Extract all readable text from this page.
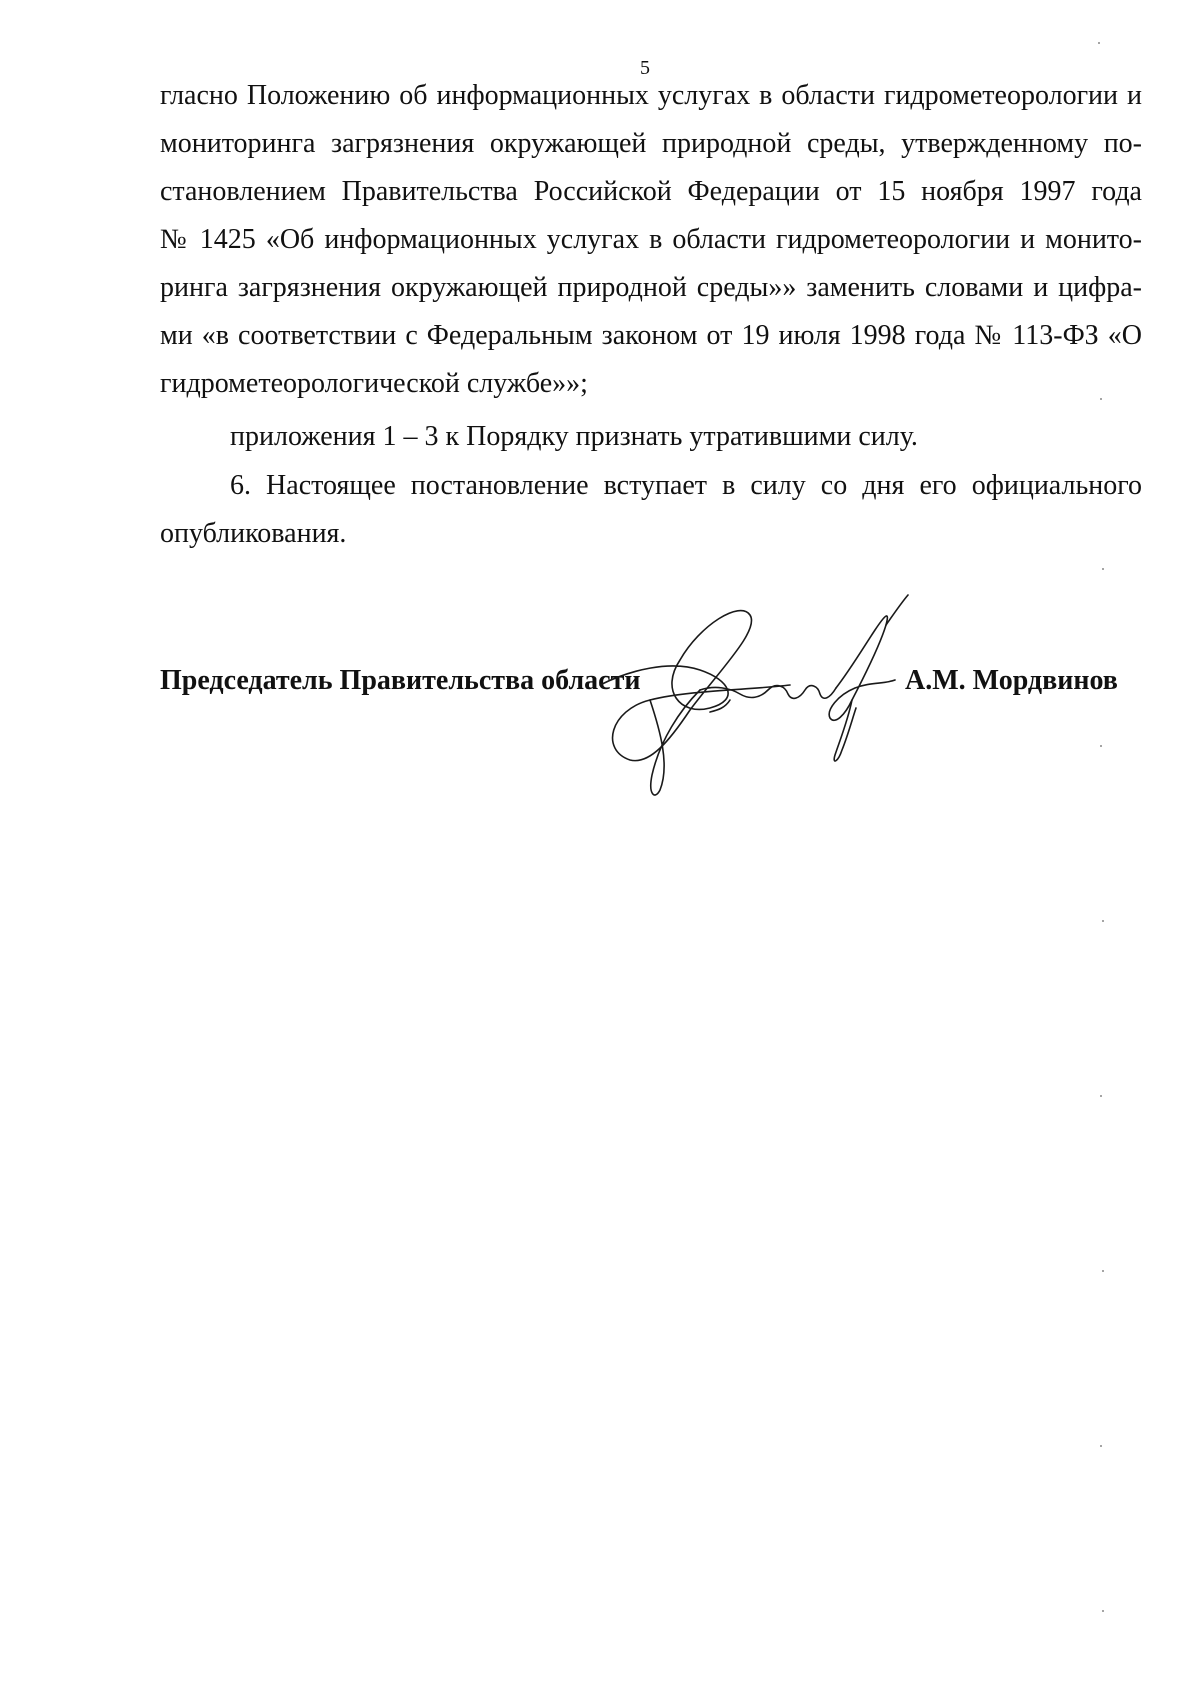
5
гласно Положению об информационных услугах в области гидрометеорологии и
мониторинга загрязнения окружающей природной среды, утвержденному по-
становлением Правительства Российской Федерации от 15 ноября 1997 года
№ 1425 «Об информационных услугах в области гидрометеорологии и монито-
ринга загрязнения окружающей природной среды»» заменить словами и цифра-
ми «в соответствии с Федеральным законом от 19 июля 1998 года № 113-ФЗ «О
гидрометеорологической службе»»;
приложения 1 – 3 к Порядку признать утратившими силу.
6. Настоящее постановление вступает в силу со дня его официального
опубликования.
Председатель Правительства области	А.М. Мордвинов
